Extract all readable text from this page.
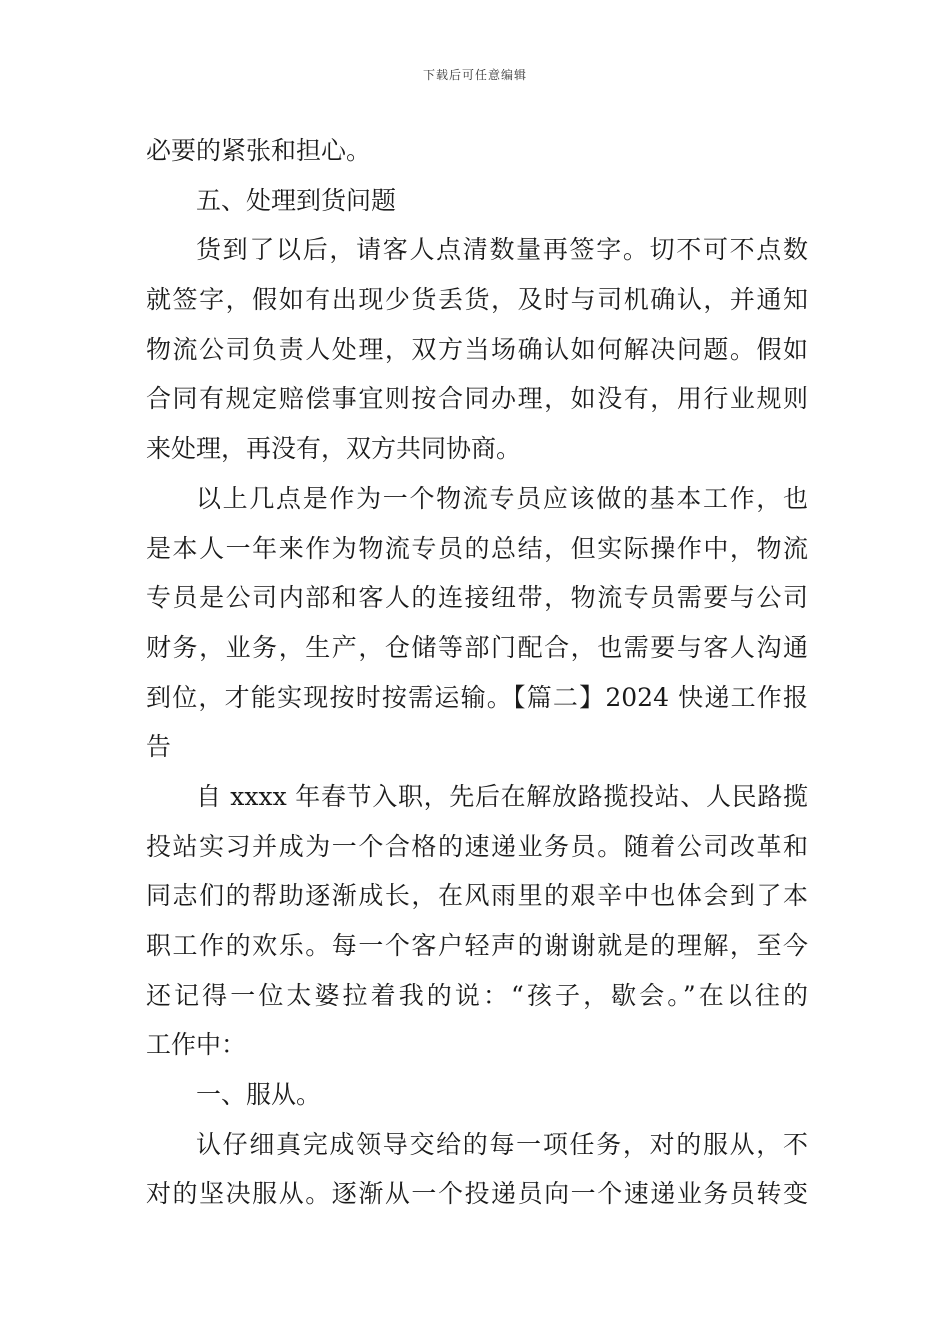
下载后可任意编辑
必要的紧张和担心。
五、处理到货问题
货到了以后，请客人点清数量再签字。切不可不点数
就签字，假如有出现少货丢货，及时与司机确认，并通知
物流公司负责人处理，双方当场确认如何解决问题。假如
合同有规定赔偿事宜则按合同办理，如没有，用行业规则
来处理，再没有，双方共同协商。
以上几点是作为一个物流专员应该做的基本工作，也
是本人一年来作为物流专员的总结，但实际操作中，物流
专员是公司内部和客人的连接纽带，物流专员需要与公司
财务，业务，生产，仓储等部门配合，也需要与客人沟通
到位，才能实现按时按需运输。【篇二】2024 快递工作报
告
自 xxxx 年春节入职，先后在解放路揽投站、人民路揽
投站实习并成为一个合格的速递业务员。随着公司改革和
同志们的帮助逐渐成长，在风雨里的艰辛中也体会到了本
职工作的欢乐。每一个客户轻声的谢谢就是的理解，至今
还记得一位太婆拉着我的说：“孩子，歇会。”在以往的
工作中：
一、服从。
认仔细真完成领导交给的每一项任务，对的服从，不
对的坚决服从。逐渐从一个投递员向一个速递业务员转变
